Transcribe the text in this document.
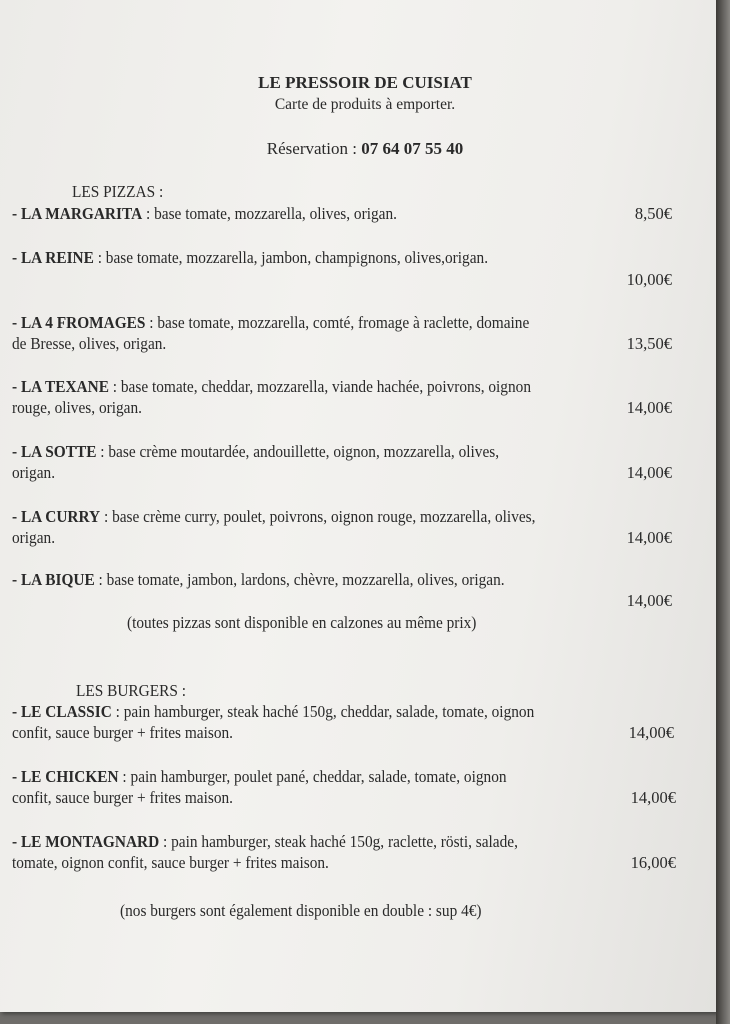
LE PRESSOIR DE CUISIAT
Carte de produits à emporter.
Réservation : 07 64 07 55 40
LES PIZZAS :
- LA MARGARITA : base tomate, mozzarella, olives, origan.	8,50€
- LA REINE : base tomate, mozzarella, jambon, champignons, olives,origan.
10,00€
- LA 4 FROMAGES : base tomate, mozzarella, comté, fromage à raclette, domaine
de Bresse, olives, origan.	13,50€
- LA TEXANE : base tomate, cheddar, mozzarella, viande hachée, poivrons, oignon
rouge, olives, origan.	14,00€
- LA SOTTE : base crème moutardée, andouillette, oignon, mozzarella, olives,
origan.	14,00€
- LA CURRY : base crème curry, poulet, poivrons, oignon rouge, mozzarella, olives,
origan.	14,00€
- LA BIQUE : base tomate, jambon, lardons, chèvre, mozzarella, olives, origan.
14,00€
(toutes pizzas sont disponible en calzones au même prix)
LES BURGERS :
- LE CLASSIC : pain hamburger, steak haché 150g, cheddar, salade, tomate, oignon
confit, sauce burger + frites maison.	14,00€
- LE CHICKEN : pain hamburger, poulet pané, cheddar, salade, tomate, oignon
confit, sauce burger + frites maison.	14,00€
- LE MONTAGNARD : pain hamburger, steak haché 150g, raclette, rösti, salade,
tomate, oignon confit, sauce burger + frites maison.	16,00€
(nos burgers sont également disponible en double : sup 4€)
